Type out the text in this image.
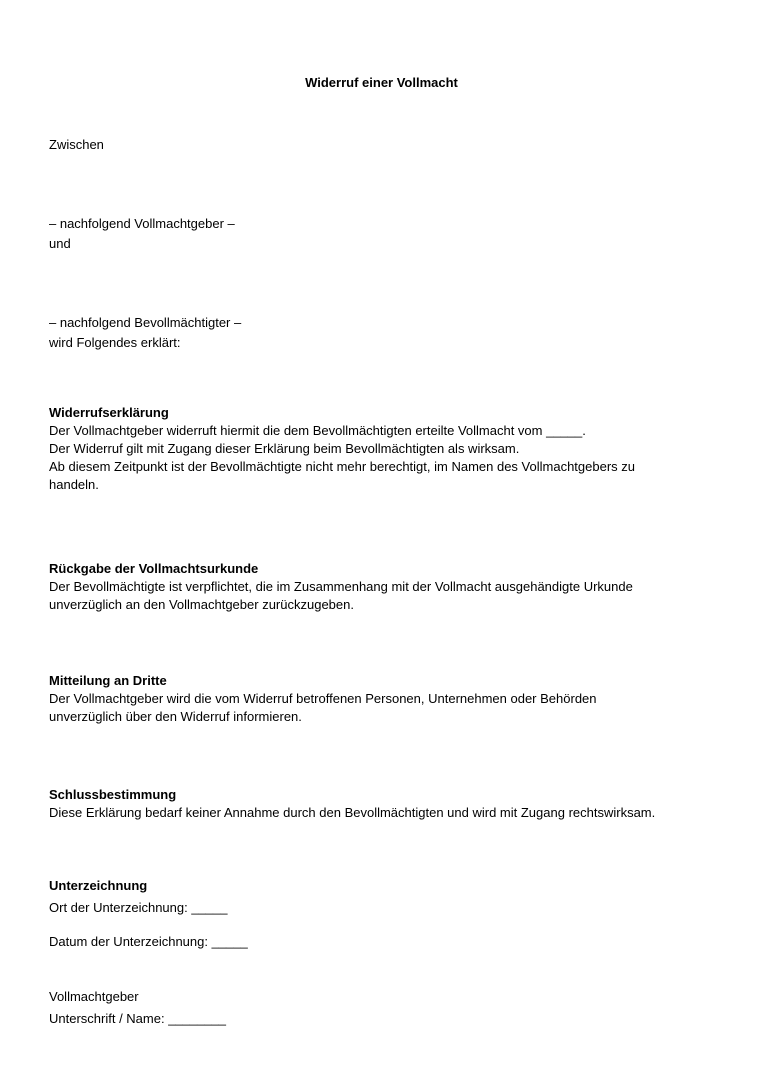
Widerruf einer Vollmacht
Zwischen
– nachfolgend Vollmachtgeber –
und
– nachfolgend Bevollmächtigter –
wird Folgendes erklärt:
Widerrufserklärung
Der Vollmachtgeber widerruft hiermit die dem Bevollmächtigten erteilte Vollmacht vom _____.
Der Widerruf gilt mit Zugang dieser Erklärung beim Bevollmächtigten als wirksam.
Ab diesem Zeitpunkt ist der Bevollmächtigte nicht mehr berechtigt, im Namen des Vollmachtgebers zu
handeln.
Rückgabe der Vollmachtsurkunde
Der Bevollmächtigte ist verpflichtet, die im Zusammenhang mit der Vollmacht ausgehändigte Urkunde
unverzüglich an den Vollmachtgeber zurückzugeben.
Mitteilung an Dritte
Der Vollmachtgeber wird die vom Widerruf betroffenen Personen, Unternehmen oder Behörden
unverzüglich über den Widerruf informieren.
Schlussbestimmung
Diese Erklärung bedarf keiner Annahme durch den Bevollmächtigten und wird mit Zugang rechtswirksam.
Unterzeichnung
Ort der Unterzeichnung: _____
Datum der Unterzeichnung: _____
Vollmachtgeber
Unterschrift / Name: ________
